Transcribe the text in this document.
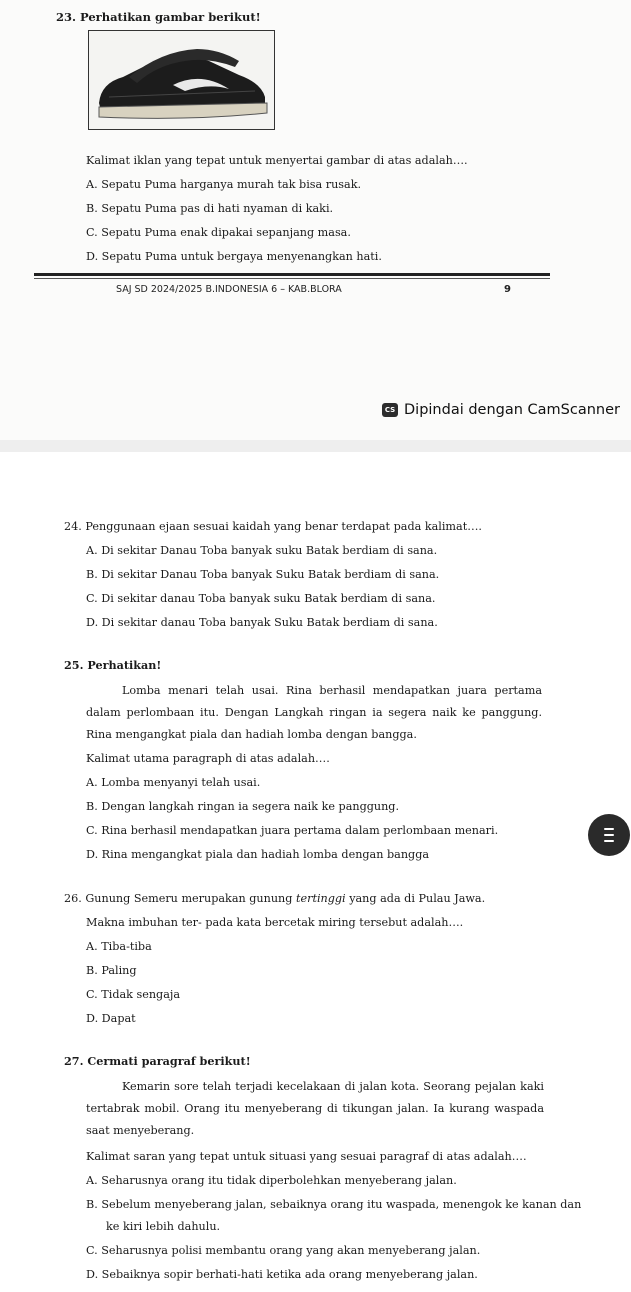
23. Perhatikan gambar berikut!
Kalimat iklan yang tepat untuk menyertai gambar di atas adalah….
A. Sepatu Puma harganya murah tak bisa rusak.
B. Sepatu Puma pas di hati nyaman di kaki.
C. Sepatu Puma enak dipakai sepanjang masa.
D. Sepatu Puma untuk bergaya menyenangkan hati.
SAJ SD 2024/2025 B.INDONESIA 6 – KAB.BLORA	9
CS Dipindai dengan CamScanner
24. Penggunaan ejaan sesuai kaidah yang benar terdapat pada kalimat….
A. Di sekitar Danau Toba banyak suku Batak berdiam di sana.
B. Di sekitar Danau Toba banyak Suku Batak berdiam di sana.
C. Di sekitar danau Toba banyak suku Batak berdiam di sana.
D. Di sekitar danau Toba banyak Suku Batak berdiam di sana.
25. Perhatikan!
Lomba menari telah usai. Rina berhasil mendapatkan juara pertama dalam perlombaan itu. Dengan Langkah ringan ia segera naik ke panggung. Rina mengangkat piala dan hadiah lomba dengan bangga.
Kalimat utama paragraph di atas adalah….
A. Lomba menyanyi telah usai.
B. Dengan langkah ringan ia segera naik ke panggung.
C. Rina berhasil mendapatkan juara pertama dalam perlombaan menari.
D. Rina mengangkat piala dan hadiah lomba dengan bangga
26. Gunung Semeru merupakan gunung tertinggi yang ada di Pulau Jawa.
Makna imbuhan ter- pada kata bercetak miring tersebut adalah….
A. Tiba-tiba
B. Paling
C. Tidak sengaja
D. Dapat
27. Cermati paragraf berikut!
Kemarin sore telah terjadi kecelakaan di jalan kota. Seorang pejalan kaki tertabrak mobil. Orang itu menyeberang di tikungan jalan. Ia kurang waspada saat menyeberang.
Kalimat saran yang tepat untuk situasi yang sesuai paragraf di atas adalah….
A. Seharusnya orang itu tidak diperbolehkan menyeberang jalan.
B. Sebelum menyeberang jalan, sebaiknya orang itu waspada, menengok ke kanan dan
ke kiri lebih dahulu.
C. Seharusnya polisi membantu orang yang akan menyeberang jalan.
D. Sebaiknya sopir berhati-hati ketika ada orang menyeberang jalan.
